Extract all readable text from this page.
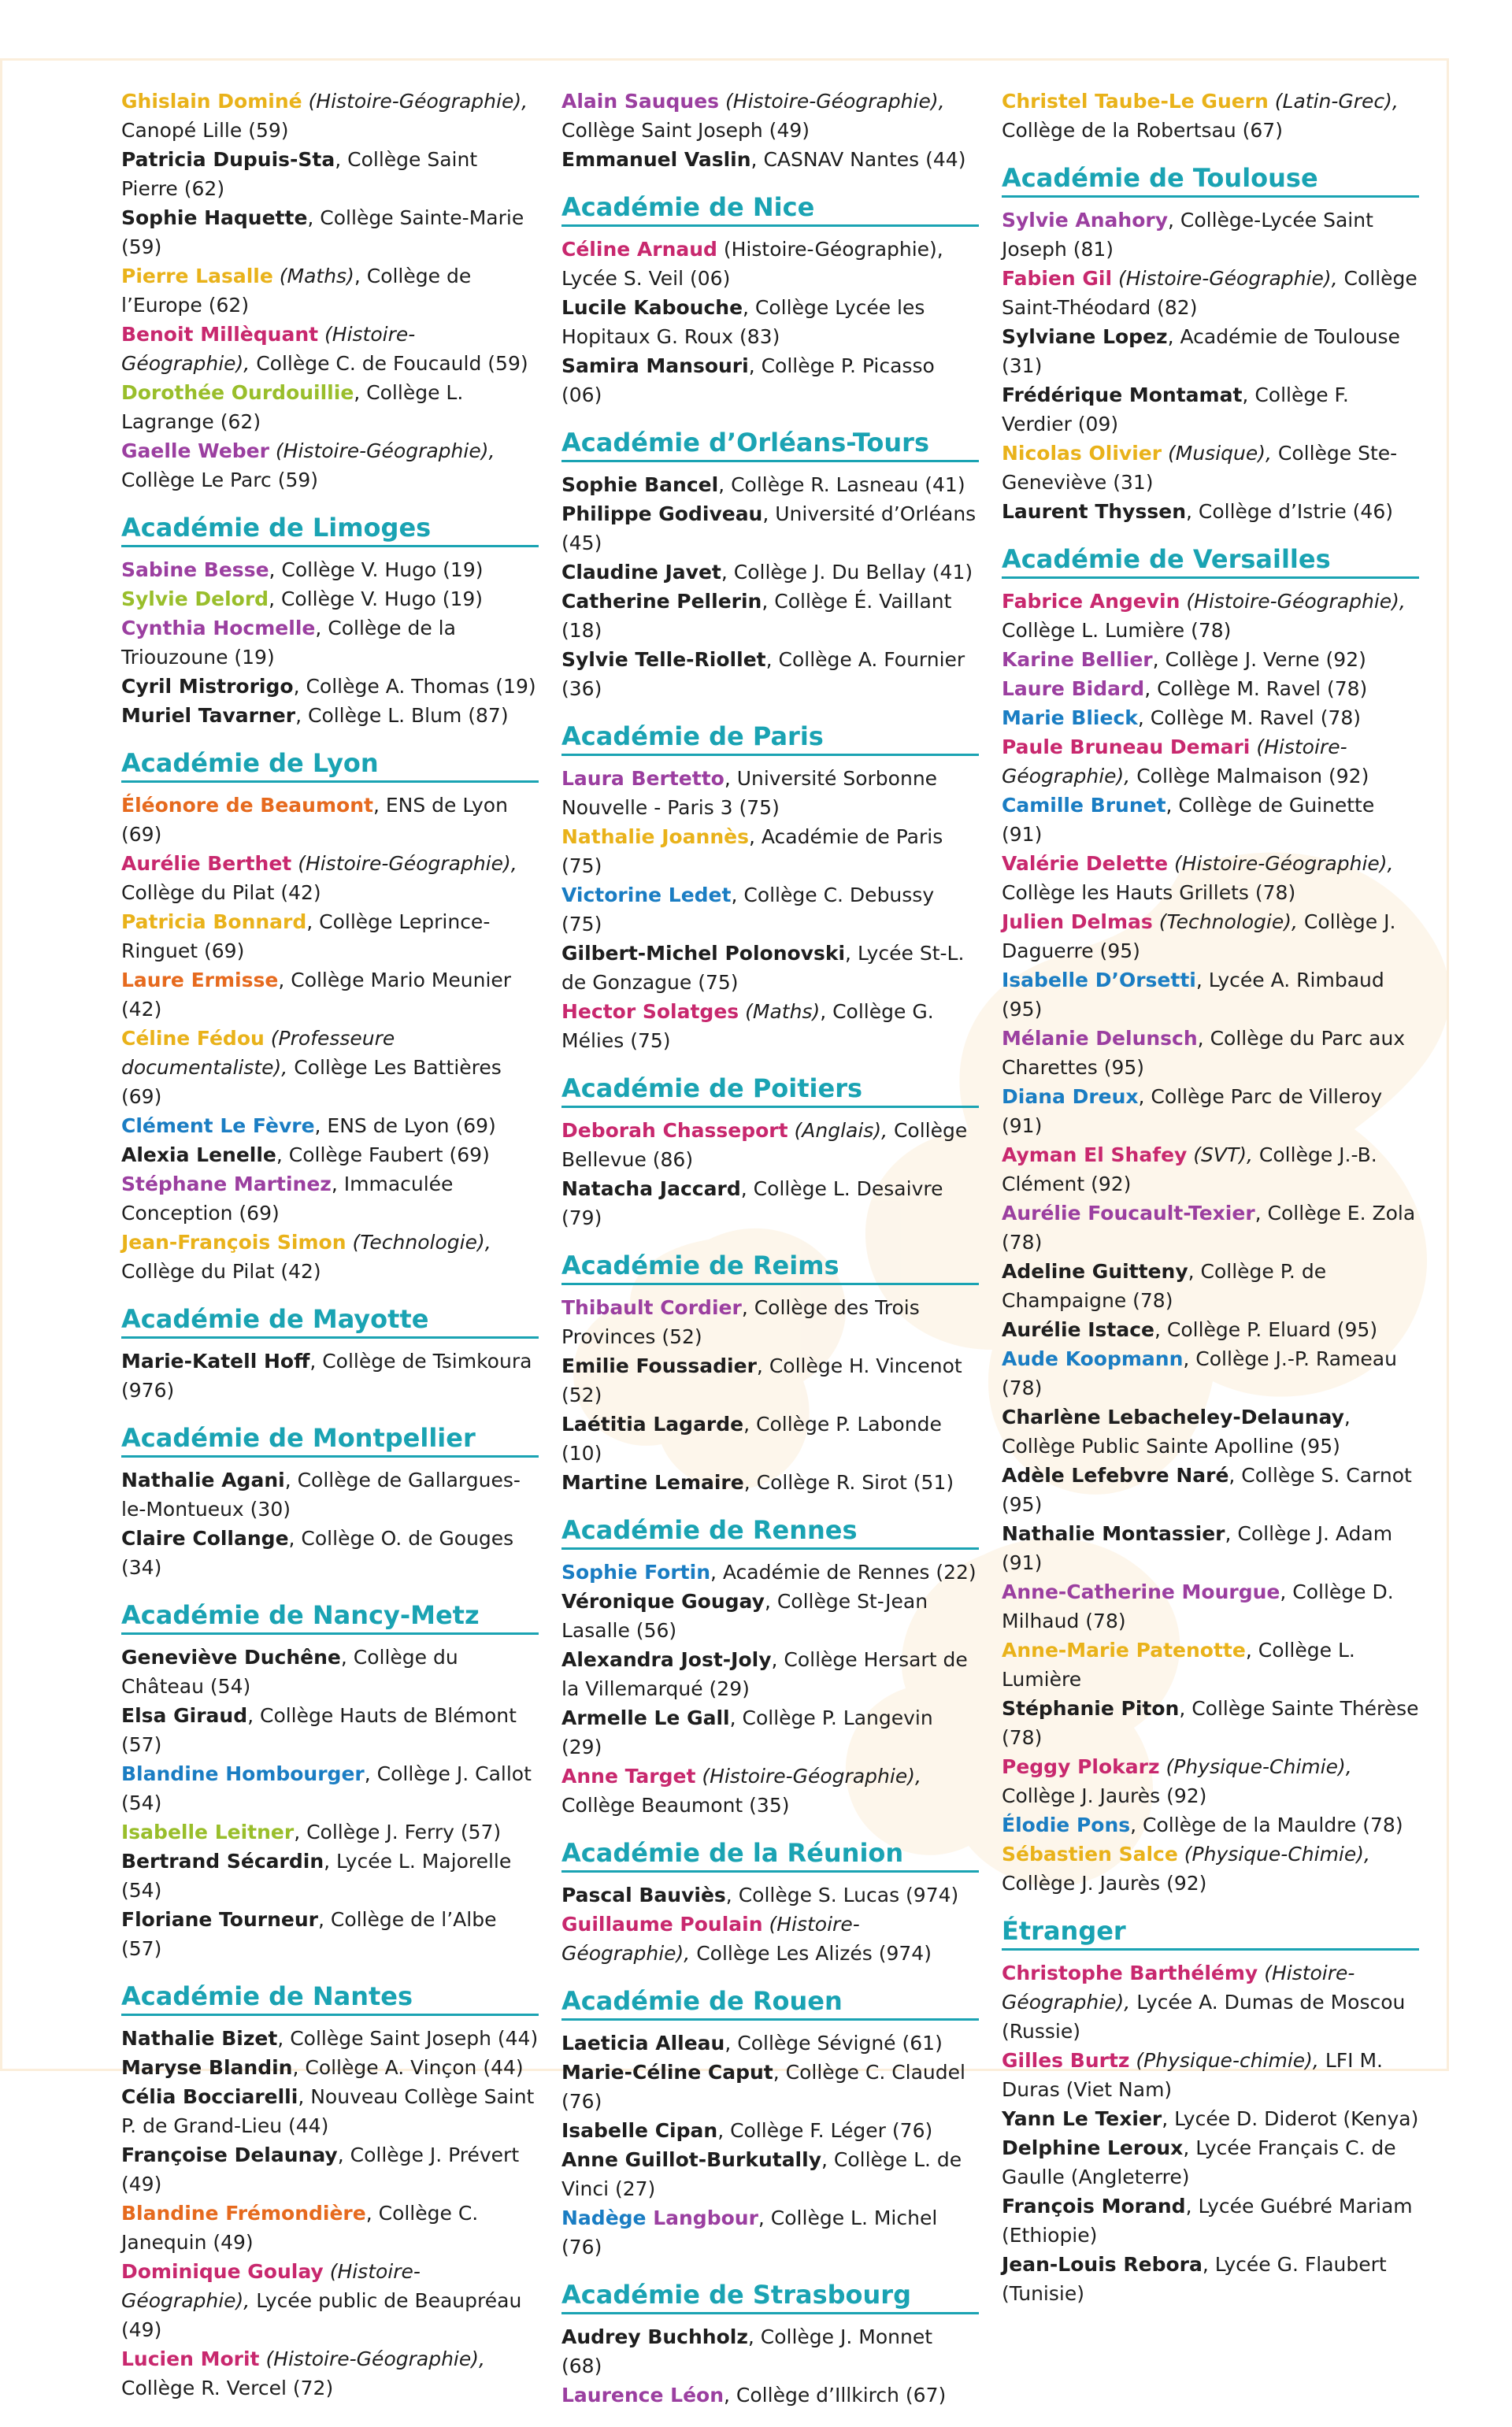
Ghislain Dominé (Histoire-Géographie), Canopé Lille (59)

Patricia Dupuis-Sta, Collège Saint Pierre (62)

Sophie Haquette, Collège Sainte-Marie (59)

Pierre Lasalle (Maths), Collège de l’Europe (62)

Benoit Millèquant (Histoire-Géographie), Collège C. de Foucauld (59)

Dorothée Ourdouillie, Collège L. Lagrange (62)

Gaelle Weber (Histoire-Géographie), Collège Le Parc (59)

Académie de Limoges

Sabine Besse, Collège V. Hugo (19)

Sylvie Delord, Collège V. Hugo (19)

Cynthia Hocmelle, Collège de la Triouzoune (19)

Cyril Mistrorigo, Collège A. Thomas (19)

Muriel Tavarner, Collège L. Blum (87)

Académie de Lyon

Éléonore de Beaumont, ENS de Lyon (69)

Aurélie Berthet (Histoire-Géographie), Collège du Pilat (42)

Patricia Bonnard, Collège Leprince-Ringuet (69)

Laure Ermisse, Collège Mario Meunier (42)

Céline Fédou (Professeure documentaliste), Collège Les Battières (69)

Clément Le Fèvre, ENS de Lyon (69)

Alexia Lenelle, Collège Faubert (69)

Stéphane Martinez, Immaculée Conception (69)

Jean-François Simon (Technologie), Collège du Pilat (42)

Académie de Mayotte

Marie-Katell Hoff, Collège de Tsimkoura (976)

Académie de Montpellier

Nathalie Agani, Collège de Gallargues-le-Montueux (30)

Claire Collange, Collège O. de Gouges (34)

Académie de Nancy-Metz

Geneviève Duchêne, Collège du Château (54)

Elsa Giraud, Collège Hauts de Blémont (57)

Blandine Hombourger, Collège J. Callot (54)

Isabelle Leitner, Collège J. Ferry (57)

Bertrand Sécardin, Lycée L. Majorelle (54)

Floriane Tourneur, Collège de l’Albe (57)

Académie de Nantes

Nathalie Bizet, Collège Saint Joseph (44)

Maryse Blandin, Collège A. Vinçon (44)

Célia Bocciarelli, Nouveau Collège Saint P. de Grand-Lieu (44)

Françoise Delaunay, Collège J. Prévert (49)

Blandine Frémondière, Collège C. Janequin (49)

Dominique Goulay (Histoire-Géographie), Lycée public de Beaupréau (49)

Lucien Morit (Histoire-Géographie), Collège R. Vercel (72)

Alain Sauques (Histoire-Géographie), Collège Saint Joseph (49)

Emmanuel Vaslin, CASNAV Nantes (44)

Académie de Nice

Céline Arnaud (Histoire-Géographie), Lycée S. Veil (06)

Lucile Kabouche, Collège Lycée les Hopitaux G. Roux (83)

Samira Mansouri, Collège P. Picasso (06)

Académie d’Orléans-Tours

Sophie Bancel, Collège R. Lasneau (41)

Philippe Godiveau, Université d’Orléans (45)

Claudine Javet, Collège J. Du Bellay (41)

Catherine Pellerin, Collège É. Vaillant (18)

Sylvie Telle-Riollet, Collège A. Fournier (36)

Académie de Paris

Laura Bertetto, Université Sorbonne Nouvelle - Paris 3 (75)

Nathalie Joannès, Académie de Paris (75)

Victorine Ledet, Collège C. Debussy (75)

Gilbert-Michel Polonovski, Lycée St-L. de Gonzague (75)

Hector Solatges (Maths), Collège G. Mélies (75)

Académie de Poitiers

Deborah Chasseport (Anglais), Collège Bellevue (86)

Natacha Jaccard, Collège L. Desaivre (79)

Académie de Reims

Thibault Cordier, Collège des Trois Provinces (52)

Emilie Foussadier, Collège H. Vincenot (52)

Laétitia Lagarde, Collège P. Labonde (10)

Martine Lemaire, Collège R. Sirot (51)

Académie de Rennes

Sophie Fortin, Académie de Rennes (22)

Véronique Gougay, Collège St-Jean Lasalle (56)

Alexandra Jost-Joly, Collège Hersart de la Villemarqué (29)

Armelle Le Gall, Collège P. Langevin (29)

Anne Target (Histoire-Géographie), Collège Beaumont (35)

Académie de la Réunion

Pascal Bauviès, Collège S. Lucas (974)

Guillaume Poulain (Histoire-Géographie), Collège Les Alizés (974)

Académie de Rouen

Laeticia Alleau, Collège Sévigné (61)

Marie-Céline Caput, Collège C. Claudel (76)

Isabelle Cipan, Collège F. Léger (76)

Anne Guillot-Burkutally, Collège L. de Vinci (27)

Nadège Langbour, Collège L. Michel (76)

Académie de Strasbourg

Audrey Buchholz, Collège J. Monnet (68)

Laurence Léon, Collège d’Illkirch (67)

Christel Taube-Le Guern (Latin-Grec), Collège de la Robertsau (67)

Académie de Toulouse

Sylvie Anahory, Collège-Lycée Saint Joseph (81)

Fabien Gil (Histoire-Géographie), Collège Saint-Théodard (82)

Sylviane Lopez, Académie de Toulouse (31)

Frédérique Montamat, Collège F. Verdier (09)

Nicolas Olivier (Musique), Collège Ste-Geneviève (31)

Laurent Thyssen, Collège d’Istrie (46)

Académie de Versailles

Fabrice Angevin (Histoire-Géographie), Collège L. Lumière (78)

Karine Bellier, Collège J. Verne (92)

Laure Bidard, Collège M. Ravel (78)

Marie Blieck, Collège M. Ravel (78)

Paule Bruneau Demari (Histoire-Géographie), Collège Malmaison (92)

Camille Brunet, Collège de Guinette (91)

Valérie Delette (Histoire-Géographie), Collège les Hauts Grillets (78)

Julien Delmas (Technologie), Collège J. Daguerre (95)

Isabelle D’Orsetti, Lycée A. Rimbaud (95)

Mélanie Delunsch, Collège du Parc aux Charettes (95)

Diana Dreux, Collège Parc de Villeroy (91)

Ayman El Shafey (SVT), Collège J.-B. Clément (92)

Aurélie Foucault-Texier, Collège E. Zola (78)

Adeline Guitteny, Collège P. de Champaigne (78)

Aurélie Istace, Collège P. Eluard (95)

Aude Koopmann, Collège J.-P. Rameau (78)

Charlène Lebacheley-Delaunay, Collège Public Sainte Apolline (95)

Adèle Lefebvre Naré, Collège S. Carnot (95)

Nathalie Montassier, Collège J. Adam (91)

Anne-Catherine Mourgue, Collège D. Milhaud (78)

Anne-Marie Patenotte, Collège L. Lumière

Stéphanie Piton, Collège Sainte Thérèse (78)

Peggy Plokarz (Physique-Chimie), Collège J. Jaurès (92)

Élodie Pons, Collège de la Mauldre (78)

Sébastien Salce (Physique-Chimie), Collège J. Jaurès (92)

Étranger

Christophe Barthélémy (Histoire-Géographie), Lycée A. Dumas de Moscou (Russie)

Gilles Burtz (Physique-chimie), LFI M. Duras (Viet Nam)

Yann Le Texier, Lycée D. Diderot (Kenya)

Delphine Leroux, Lycée Français C. de Gaulle (Angleterre)

François Morand, Lycée Guébré Mariam (Ethiopie)

Jean-Louis Rebora, Lycée G. Flaubert (Tunisie)
